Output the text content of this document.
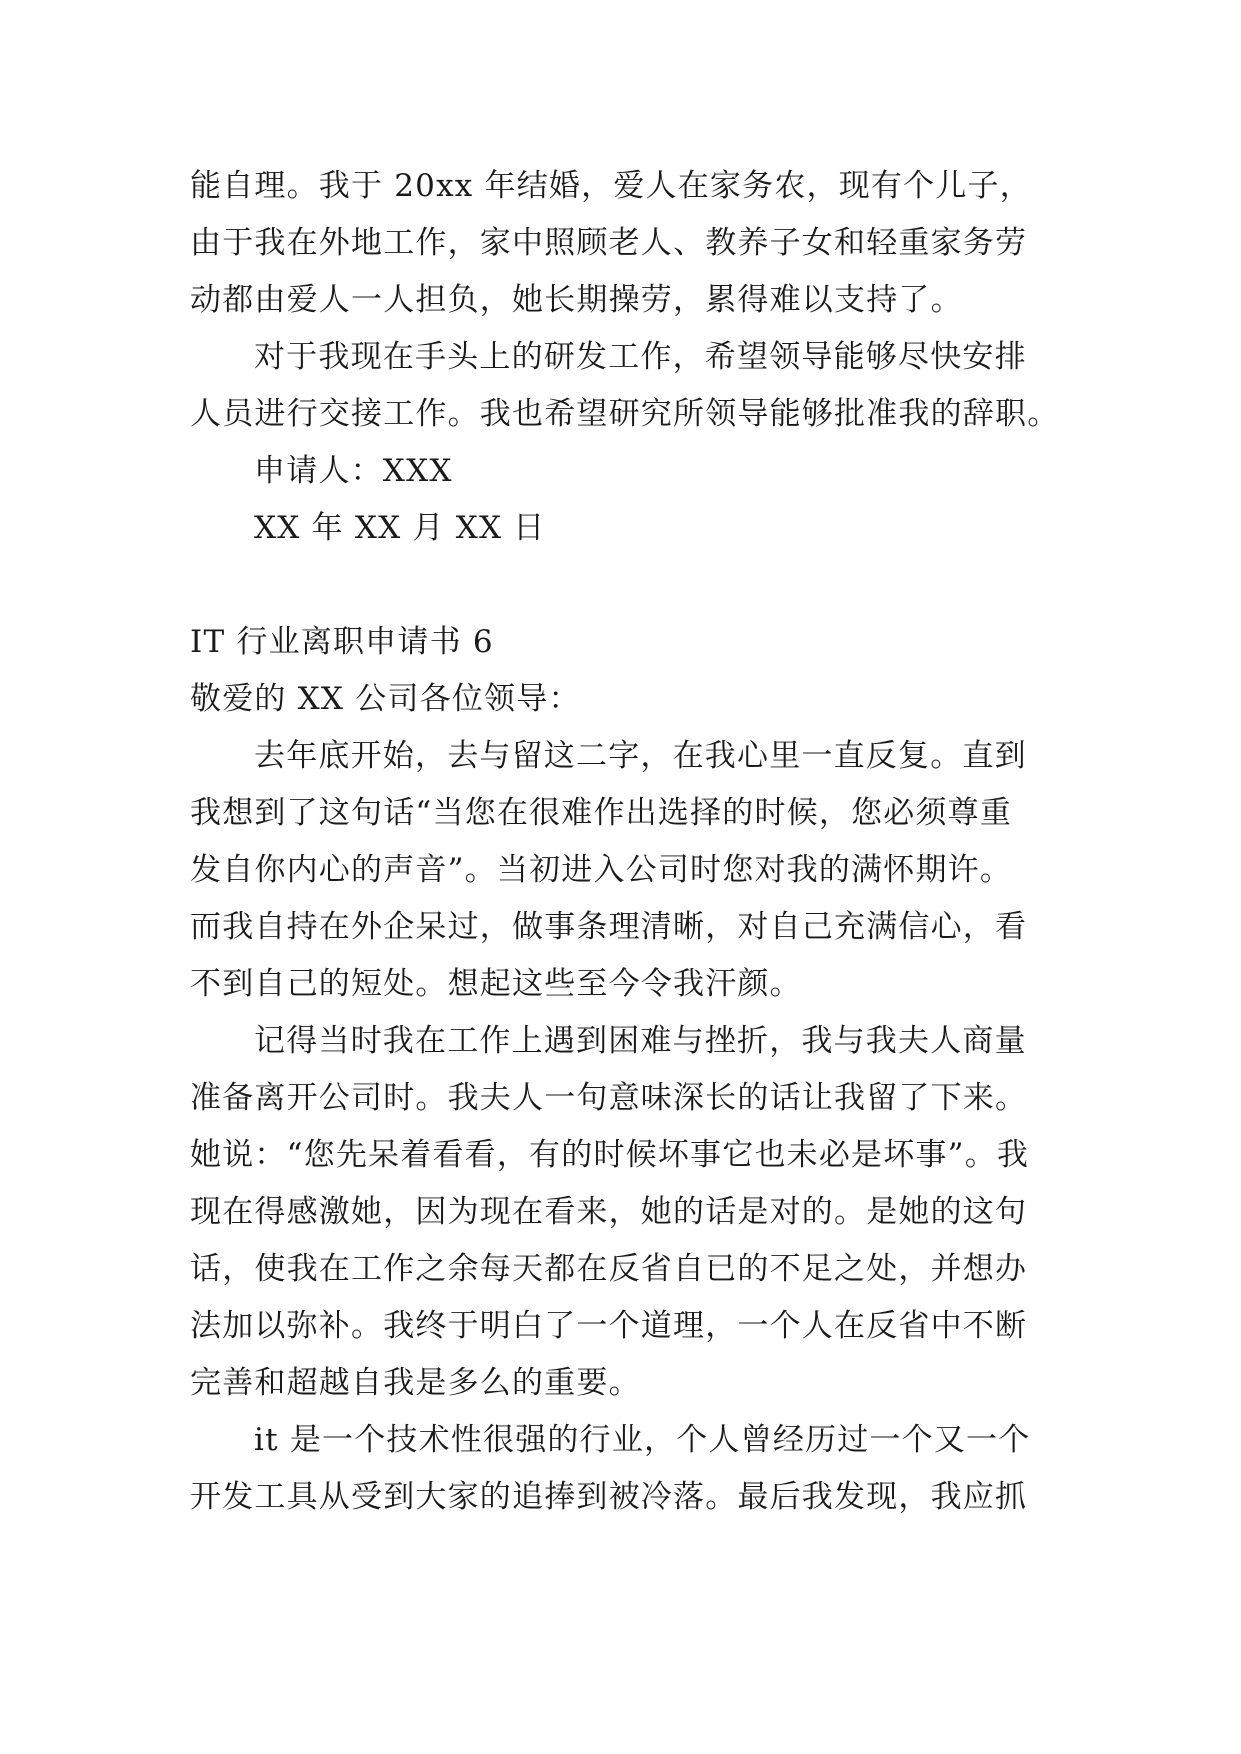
能自理。我于 20xx 年结婚，爱人在家务农，现有个儿子，
由于我在外地工作，家中照顾老人、教养子女和轻重家务劳
动都由爱人一人担负，她长期操劳，累得难以支持了。
对于我现在手头上的研发工作，希望领导能够尽快安排
人员进行交接工作。我也希望研究所领导能够批准我的辞职。
申请人：XXX
XX 年 XX 月 XX 日
IT 行业离职申请书 6
敬爱的 XX 公司各位领导：
去年底开始，去与留这二字，在我心里一直反复。直到
我想到了这句话“当您在很难作出选择的时候，您必须尊重
发自你内心的声音”。当初进入公司时您对我的满怀期许。
而我自持在外企呆过，做事条理清晰，对自己充满信心，看
不到自己的短处。想起这些至今令我汗颜。
记得当时我在工作上遇到困难与挫折，我与我夫人商量
准备离开公司时。我夫人一句意味深长的话让我留了下来。
她说：“您先呆着看看，有的时候坏事它也未必是坏事”。我
现在得感激她，因为现在看来，她的话是对的。是她的这句
话，使我在工作之余每天都在反省自已的不足之处，并想办
法加以弥补。我终于明白了一个道理，一个人在反省中不断
完善和超越自我是多么的重要。
it 是一个技术性很强的行业，个人曾经历过一个又一个
开发工具从受到大家的追捧到被冷落。最后我发现，我应抓
